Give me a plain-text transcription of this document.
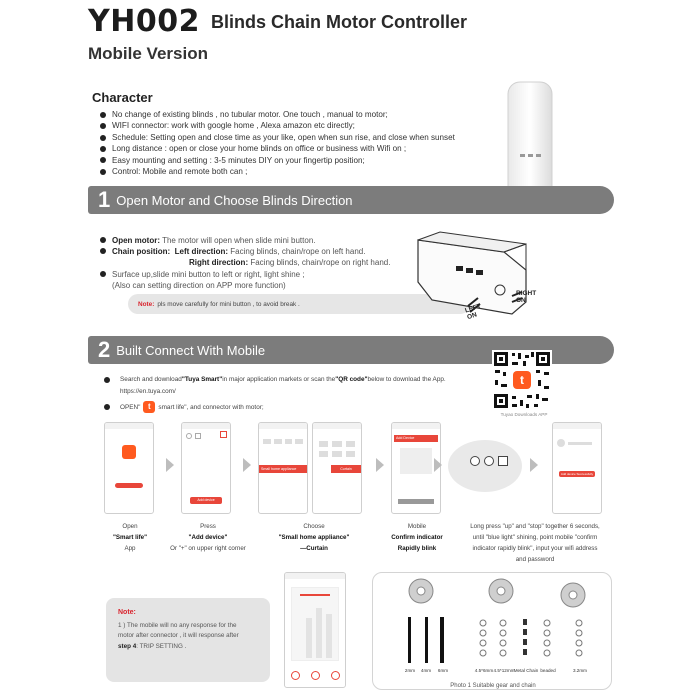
YH002 Blinds Chain Motor Controller
Mobile Version
Character
No change of existing blinds , no tubular motor. One touch , manual to motor;
WIFI connector: work with google home , Alexa amazon etc directly;
Schedule: Setting open and close time as your like, open when sun rise, and close when sunset
Long distance : open or close your home blinds on office or business with Wifi on ;
Easy mounting and setting : 3-5 minutes DIY on your fingertip position;
Control: Mobile and remote both can ;
1 Open Motor and Choose Blinds Direction
Open motor: The motor will open when slide mini button.
Chain position: Left direction: Facing blinds, chain/rope on left hand.
Right direction: Facing blinds, chain/rope on right hand.
Surface up,slide mini button to left or right, light shine ;
(Also can setting direction on APP more function)
Note: pls move carefully for mini button , to avoid break .	LEFT ON
RIGHT ON
2 Built Connect With Mobile
t
Tuyao Downloads APP
Search and download "Tuya Smart" in major application markets or scan the "QR code" below to download the App.
https://en.tuya.com/
OPEN" t	smart life", and connector with motor;
Add device
Small home appliance	Curtain
Add Device
Add device Successfully
Open
"Smart life"
App
Press
"Add device"
Or "+" on upper right corner
Choose
"Small home appliance"
—Curtain
Mobile
Confirm indicator
Rapidly blink
Long press "up" and "stop" together 6 seconds,
until "blue light" shining, point mobile "confirm
indicator rapidly blink", input your wifi address
and password
Note:
1 ) The mobile will no any response for the
motor after connector , it will response after
step 4: TRIP SETTING .
2mm	4mm	6mm	4.5*6mm 4.5*12mm Metal Chain beaded	3.2mm
Photo 1 Suitable gear and chain
